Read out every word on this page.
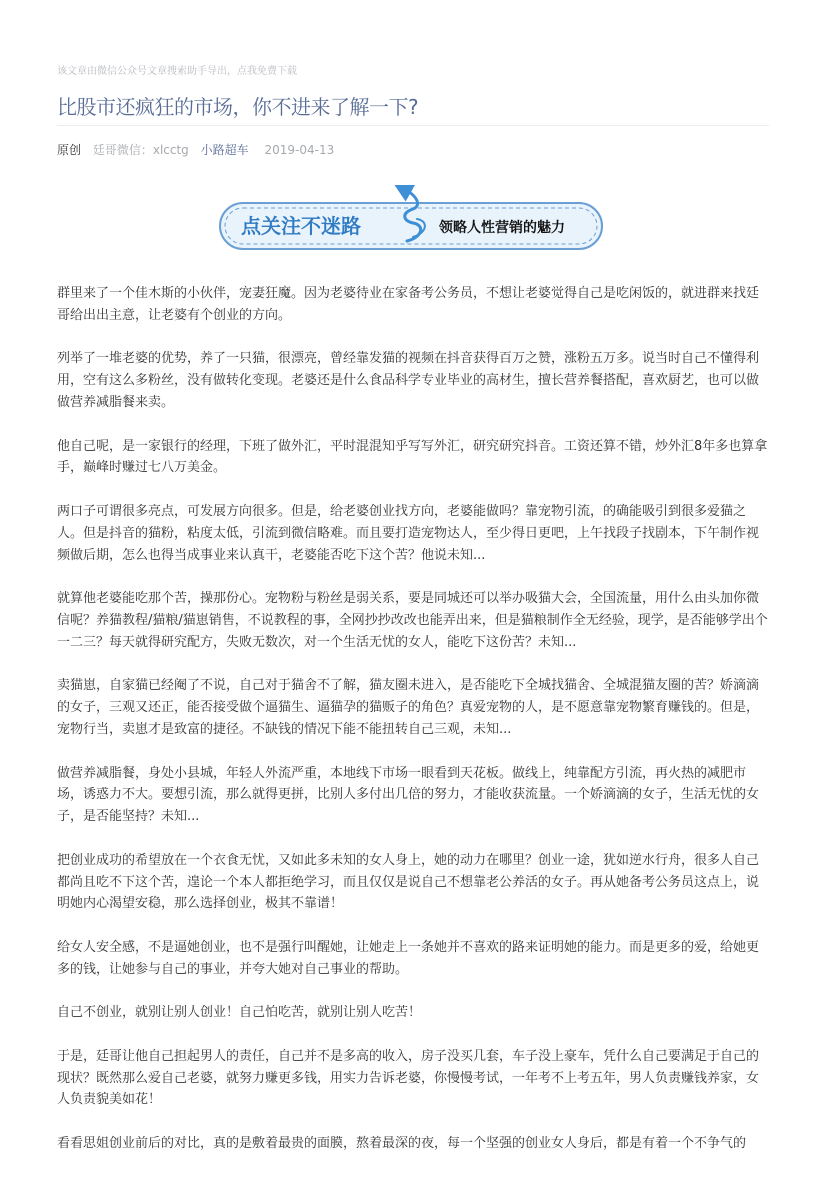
该文章由微信公众号文章搜索助手导出，点我免费下载
比股市还疯狂的市场，你不进来了解一下?
原创 廷哥微信：xlcctg 小路超车 2019-04-13
点关注不迷路	领略人性营销的魅力

群里来了一个佳木斯的小伙伴，宠妻狂魔。因为老婆待业在家备考公务员，不想让老婆觉得自己是吃闲饭的，就进群来找廷哥给出出主意，让老婆有个创业的方向。

列举了一堆老婆的优势，养了一只猫，很漂亮，曾经靠发猫的视频在抖音获得百万之赞，涨粉五万多。说当时自己不懂得利用，空有这么多粉丝，没有做转化变现。老婆还是什么食品科学专业毕业的高材生，擅长营养餐搭配，喜欢厨艺，也可以做做营养减脂餐来卖。

他自己呢，是一家银行的经理，下班了做外汇，平时混混知乎写写外汇，研究研究抖音。工资还算不错，炒外汇8年多也算拿手，巅峰时赚过七八万美金。

两口子可谓很多亮点，可发展方向很多。但是，给老婆创业找方向，老婆能做吗？靠宠物引流，的确能吸引到很多爱猫之人。但是抖音的猫粉，粘度太低，引流到微信略难。而且要打造宠物达人，至少得日更吧，上午找段子找剧本，下午制作视频做后期，怎么也得当成事业来认真干，老婆能否吃下这个苦？他说未知...

就算他老婆能吃那个苦，操那份心。宠物粉与粉丝是弱关系，要是同城还可以举办吸猫大会，全国流量，用什么由头加你微信呢？养猫教程/猫粮/猫崽销售，不说教程的事，全网抄抄改改也能弄出来，但是猫粮制作全无经验，现学，是否能够学出个一二三？每天就得研究配方，失败无数次，对一个生活无忧的女人，能吃下这份苦？未知...

卖猫崽，自家猫已经阉了不说，自己对于猫舍不了解，猫友圈未进入，是否能吃下全城找猫舍、全城混猫友圈的苦？娇滴滴的女子，三观又还正，能否接受做个逼猫生、逼猫孕的猫贩子的角色？真爱宠物的人，是不愿意靠宠物繁育赚钱的。但是，宠物行当，卖崽才是致富的捷径。不缺钱的情况下能不能扭转自己三观，未知...

做营养减脂餐，身处小县城，年轻人外流严重，本地线下市场一眼看到天花板。做线上，纯靠配方引流，再火热的减肥市场，诱惑力不大。要想引流，那么就得更拼，比别人多付出几倍的努力，才能收获流量。一个娇滴滴的女子，生活无忧的女子，是否能坚持？未知...

把创业成功的希望放在一个衣食无忧，又如此多未知的女人身上，她的动力在哪里？创业一途，犹如逆水行舟，很多人自己都尚且吃不下这个苦，遑论一个本人都拒绝学习，而且仅仅是说自己不想靠老公养活的女子。再从她备考公务员这点上，说明她内心渴望安稳，那么选择创业，极其不靠谱！

给女人安全感，不是逼她创业，也不是强行叫醒她，让她走上一条她并不喜欢的路来证明她的能力。而是更多的爱，给她更多的钱，让她参与自己的事业，并夸大她对自己事业的帮助。

自己不创业，就别让别人创业！自己怕吃苦，就别让别人吃苦！

于是，廷哥让他自己担起男人的责任，自己并不是多高的收入，房子没买几套，车子没上豪车，凭什么自己要满足于自己的现状？既然那么爱自己老婆，就努力赚更多钱，用实力告诉老婆，你慢慢考试，一年考不上考五年，男人负责赚钱养家，女人负责貌美如花！

看看思姐创业前后的对比，真的是敷着最贵的面膜，熬着最深的夜，每一个坚强的创业女人身后，都是有着一个不争气的
